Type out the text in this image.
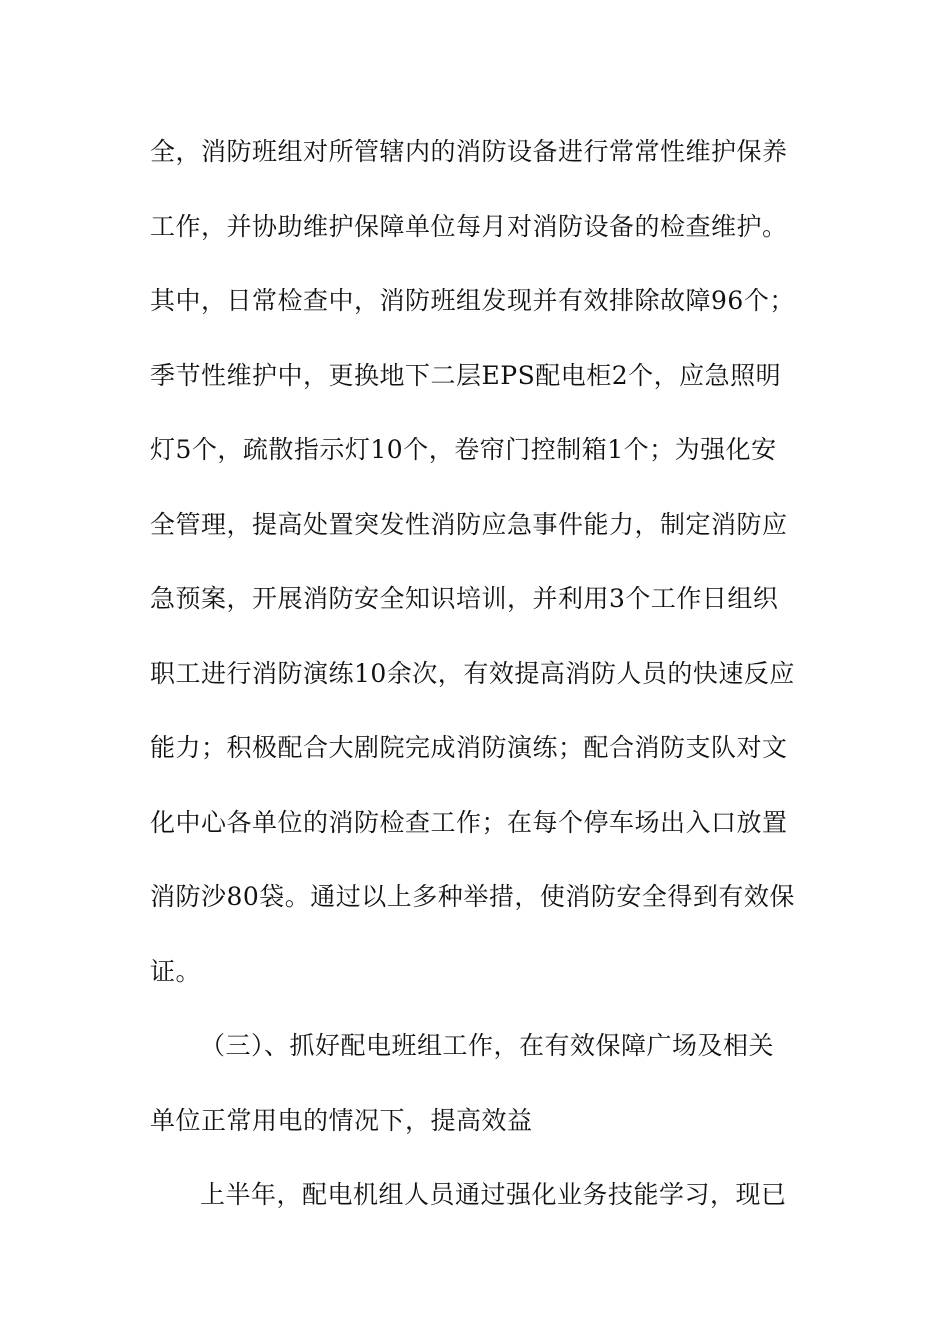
全，消防班组对所管辖内的消防设备进行常常性维护保养
工作，并协助维护保障单位每月对消防设备的检查维护。
其中，日常检查中，消防班组发现并有效排除故障96个；
季节性维护中，更换地下二层EPS配电柜2个，应急照明
灯5个，疏散指示灯10个，卷帘门控制箱1个；为强化安
全管理，提高处置突发性消防应急事件能力，制定消防应
急预案，开展消防安全知识培训，并利用3个工作日组织
职工进行消防演练10余次，有效提高消防人员的快速反应
能力；积极配合大剧院完成消防演练；配合消防支队对文
化中心各单位的消防检查工作；在每个停车场出入口放置
消防沙80袋。通过以上多种举措，使消防安全得到有效保
证。
（三）、抓好配电班组工作，在有效保障广场及相关
单位正常用电的情况下，提高效益
上半年，配电机组人员通过强化业务技能学习，现已
